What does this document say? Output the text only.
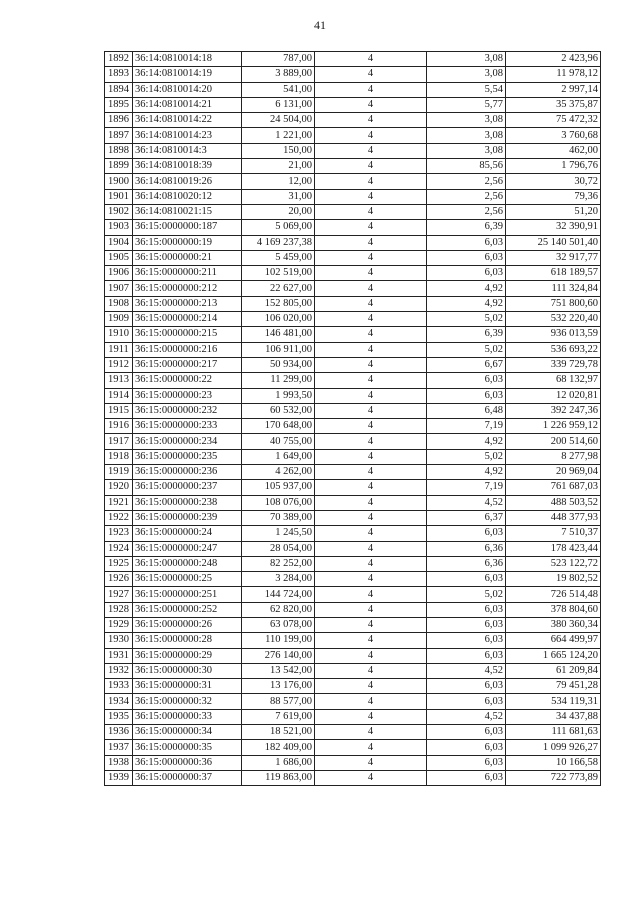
41
1892	36:14:0810014:18	787,00	4	3,08	2 423,96
1893	36:14:0810014:19	3 889,00	4	3,08	11 978,12
1894	36:14:0810014:20	541,00	4	5,54	2 997,14
1895	36:14:0810014:21	6 131,00	4	5,77	35 375,87
1896	36:14:0810014:22	24 504,00	4	3,08	75 472,32
1897	36:14:0810014:23	1 221,00	4	3,08	3 760,68
1898	36:14:0810014:3	150,00	4	3,08	462,00
1899	36:14:0810018:39	21,00	4	85,56	1 796,76
1900	36:14:0810019:26	12,00	4	2,56	30,72
1901	36:14:0810020:12	31,00	4	2,56	79,36
1902	36:14:0810021:15	20,00	4	2,56	51,20
1903	36:15:0000000:187	5 069,00	4	6,39	32 390,91
1904	36:15:0000000:19	4 169 237,38	4	6,03	25 140 501,40
1905	36:15:0000000:21	5 459,00	4	6,03	32 917,77
1906	36:15:0000000:211	102 519,00	4	6,03	618 189,57
1907	36:15:0000000:212	22 627,00	4	4,92	111 324,84
1908	36:15:0000000:213	152 805,00	4	4,92	751 800,60
1909	36:15:0000000:214	106 020,00	4	5,02	532 220,40
1910	36:15:0000000:215	146 481,00	4	6,39	936 013,59
1911	36:15:0000000:216	106 911,00	4	5,02	536 693,22
1912	36:15:0000000:217	50 934,00	4	6,67	339 729,78
1913	36:15:0000000:22	11 299,00	4	6,03	68 132,97
1914	36:15:0000000:23	1 993,50	4	6,03	12 020,81
1915	36:15:0000000:232	60 532,00	4	6,48	392 247,36
1916	36:15:0000000:233	170 648,00	4	7,19	1 226 959,12
1917	36:15:0000000:234	40 755,00	4	4,92	200 514,60
1918	36:15:0000000:235	1 649,00	4	5,02	8 277,98
1919	36:15:0000000:236	4 262,00	4	4,92	20 969,04
1920	36:15:0000000:237	105 937,00	4	7,19	761 687,03
1921	36:15:0000000:238	108 076,00	4	4,52	488 503,52
1922	36:15:0000000:239	70 389,00	4	6,37	448 377,93
1923	36:15:0000000:24	1 245,50	4	6,03	7 510,37
1924	36:15:0000000:247	28 054,00	4	6,36	178 423,44
1925	36:15:0000000:248	82 252,00	4	6,36	523 122,72
1926	36:15:0000000:25	3 284,00	4	6,03	19 802,52
1927	36:15:0000000:251	144 724,00	4	5,02	726 514,48
1928	36:15:0000000:252	62 820,00	4	6,03	378 804,60
1929	36:15:0000000:26	63 078,00	4	6,03	380 360,34
1930	36:15:0000000:28	110 199,00	4	6,03	664 499,97
1931	36:15:0000000:29	276 140,00	4	6,03	1 665 124,20
1932	36:15:0000000:30	13 542,00	4	4,52	61 209,84
1933	36:15:0000000:31	13 176,00	4	6,03	79 451,28
1934	36:15:0000000:32	88 577,00	4	6,03	534 119,31
1935	36:15:0000000:33	7 619,00	4	4,52	34 437,88
1936	36:15:0000000:34	18 521,00	4	6,03	111 681,63
1937	36:15:0000000:35	182 409,00	4	6,03	1 099 926,27
1938	36:15:0000000:36	1 686,00	4	6,03	10 166,58
1939	36:15:0000000:37	119 863,00	4	6,03	722 773,89
